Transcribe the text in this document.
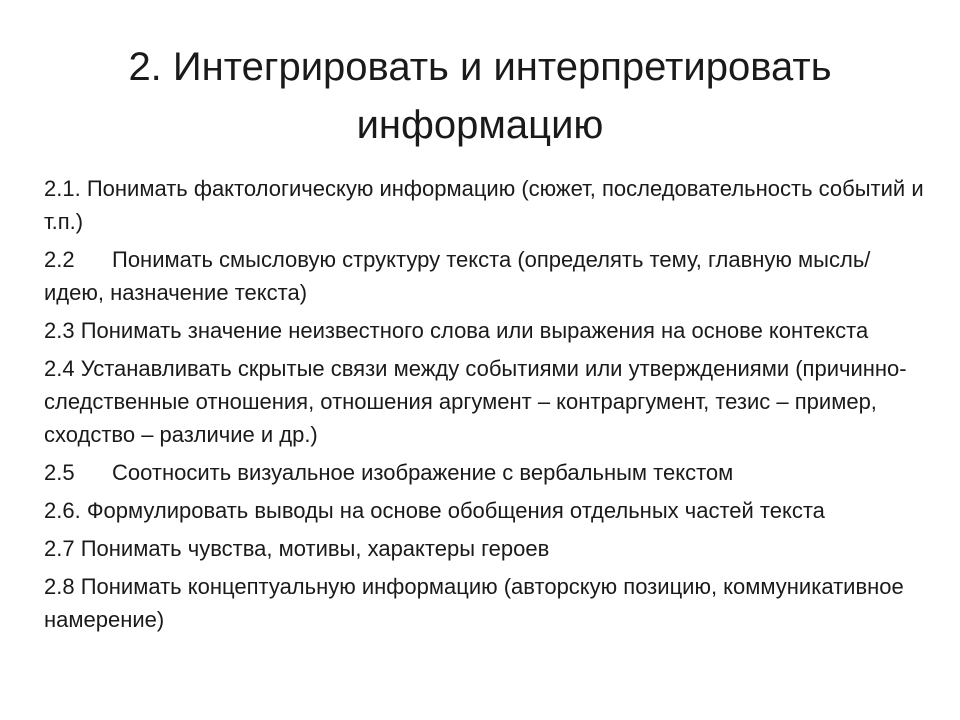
2. Интегрировать и интерпретировать информацию
2.1. Понимать фактологическую информацию (сюжет, последовательность событий и т.п.)
2.2 Понимать смысловую структуру текста (определять тему, главную мысль/идею, назначение текста)
2.3 Понимать значение неизвестного слова или выражения на основе контекста
2.4 Устанавливать скрытые связи между событиями или утверждениями (причинно-следственные отношения, отношения аргумент – контраргумент, тезис – пример, сходство – различие и др.)
2.5 Соотносить визуальное изображение с вербальным текстом
2.6. Формулировать выводы на основе обобщения отдельных частей текста
2.7 Понимать чувства, мотивы, характеры героев
2.8 Понимать концептуальную информацию (авторскую позицию, коммуникативное намерение)
